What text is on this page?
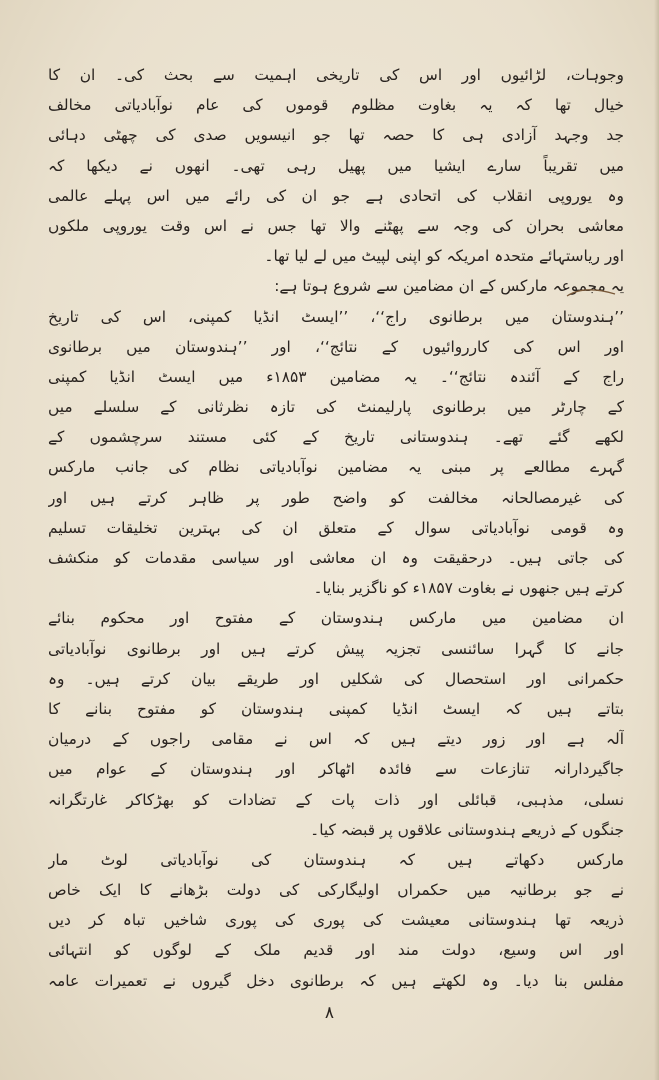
وجوہات، لڑائیوں اور اس کی تاریخی اہمیت سے بحث کی۔ ان کا
خیال تھا کہ یہ بغاوت مظلوم قوموں کی عام نوآبادیاتی مخالف
جد وجہد آزادی ہی کا حصہ تھا جو انیسویں صدی کی چھٹی دہائی
میں تقریباً سارے ایشیا میں پھیل رہی تھی۔ انھوں نے دیکھا کہ
وہ یوروپی انقلاب کی اتحادی ہے جو ان کی رائے میں اس پہلے عالمی
معاشی بحران کی وجہ سے پھٹنے والا تھا جس نے اس وقت یوروپی ملکوں
اور ریاستہائے متحدہ امریکہ کو اپنی لپیٹ میں لے لیا تھا۔
یہ مجموعہ مارکس کے ان مضامین سے شروع ہوتا ہے:
’’ہندوستان میں برطانوی راج‘‘، ’’ایسٹ انڈیا کمپنی، اس کی تاریخ
اور اس کی کارروائیوں کے نتائج‘‘، اور ’’ہندوستان میں برطانوی
راج کے آئندہ نتائج‘‘۔ یہ مضامین ۱۸۵۳ء میں ایسٹ انڈیا کمپنی
کے چارٹر میں برطانوی پارلیمنٹ کی تازہ نظرثانی کے سلسلے میں
لکھے گئے تھے۔ ہندوستانی تاریخ کے کئی مستند سرچشموں کے
گہرے مطالعے پر مبنی یہ مضامین نوآبادیاتی نظام کی جانب مارکس
کی غیرمصالحانہ مخالفت کو واضح طور پر ظاہر کرتے ہیں اور
وہ قومی نوآبادیاتی سوال کے متعلق ان کی بہترین تخلیقات تسلیم
کی جاتی ہیں۔ درحقیقت وہ ان معاشی اور سیاسی مقدمات کو منکشف
کرتے ہیں جنھوں نے بغاوت ۱۸۵۷ء کو ناگزیر بنایا۔
ان مضامین میں مارکس ہندوستان کے مفتوح اور محکوم بنائے
جانے کا گہرا سائنسی تجزیہ پیش کرتے ہیں اور برطانوی نوآبادیاتی
حکمرانی اور استحصال کی شکلیں اور طریقے بیان کرتے ہیں۔ وہ
بتاتے ہیں کہ ایسٹ انڈیا کمپنی ہندوستان کو مفتوح بنانے کا
آلہ ہے اور زور دیتے ہیں کہ اس نے مقامی راجوں کے درمیان
جاگیردارانہ تنازعات سے فائدہ اٹھاکر اور ہندوستان کے عوام میں
نسلی، مذہبی، قبائلی اور ذات پات کے تضادات کو بھڑکاکر غارتگرانہ
جنگوں کے ذریعے ہندوستانی علاقوں پر قبضہ کیا۔
مارکس دکھاتے ہیں کہ ہندوستان کی نوآبادیاتی لوٹ مار
نے جو برطانیہ میں حکمراں اولیگارکی کی دولت بڑھانے کا ایک خاص
ذریعہ تھا ہندوستانی معیشت کی پوری کی پوری شاخیں تباہ کر دیں
اور اس وسیع، دولت مند اور قدیم ملک کے لوگوں کو انتہائی
مفلس بنا دیا۔ وہ لکھتے ہیں کہ برطانوی دخل گیروں نے تعمیرات عامہ
۸
